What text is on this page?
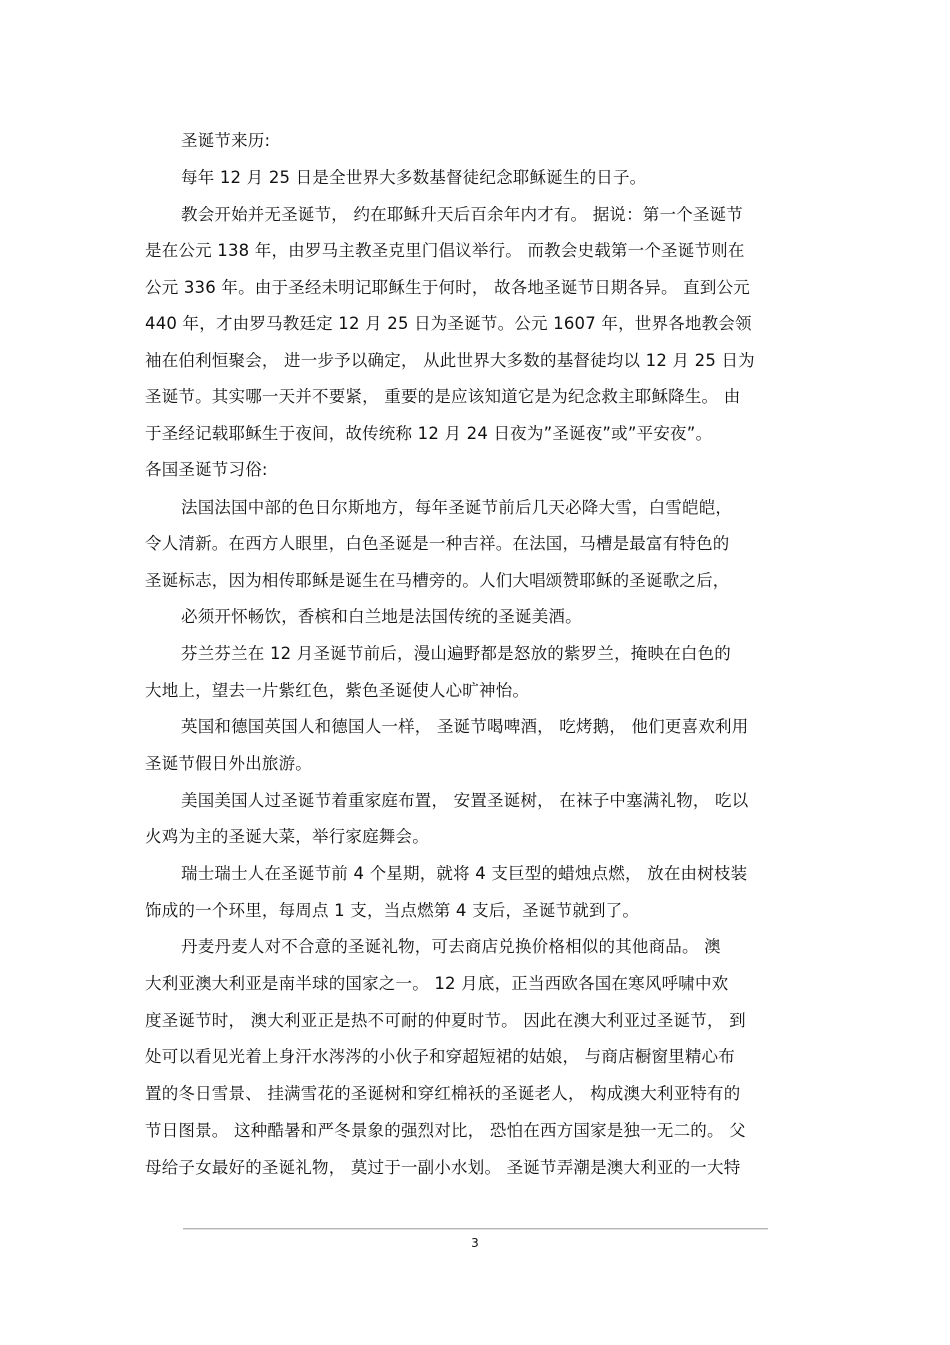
圣诞节来历:
每年 12 月 25 日是全世界大多数基督徒纪念耶稣诞生的日子。
教会开始并无圣诞节， 约在耶稣升天后百余年内才有。 据说：第一个圣诞节
是在公元 138 年，由罗马主教圣克里门倡议举行。 而教会史载第一个圣诞节则在
公元 336 年。由于圣经未明记耶稣生于何时， 故各地圣诞节日期各异。 直到公元
440 年，才由罗马教廷定 12 月 25 日为圣诞节。公元 1607 年，世界各地教会领
袖在伯利恒聚会， 进一步予以确定， 从此世界大多数的基督徒均以 12 月 25 日为
圣诞节。其实哪一天并不要紧， 重要的是应该知道它是为纪念救主耶稣降生。 由
于圣经记载耶稣生于夜间，故传统称 12 月 24 日夜为”圣诞夜”或”平安夜”。
各国圣诞节习俗:
法国法国中部的色日尔斯地方，每年圣诞节前后几天必降大雪，白雪皑皑，
令人清新。在西方人眼里，白色圣诞是一种吉祥。在法国，马槽是最富有特色的
圣诞标志，因为相传耶稣是诞生在马槽旁的。人们大唱颂赞耶稣的圣诞歌之后，
必须开怀畅饮，香槟和白兰地是法国传统的圣诞美酒。
芬兰芬兰在 12 月圣诞节前后，漫山遍野都是怒放的紫罗兰，掩映在白色的
大地上，望去一片紫红色，紫色圣诞使人心旷神怡。
英国和德国英国人和德国人一样， 圣诞节喝啤酒， 吃烤鹅， 他们更喜欢利用
圣诞节假日外出旅游。
美国美国人过圣诞节着重家庭布置， 安置圣诞树， 在袜子中塞满礼物， 吃以
火鸡为主的圣诞大菜，举行家庭舞会。
瑞士瑞士人在圣诞节前 4 个星期，就将 4 支巨型的蜡烛点燃， 放在由树枝装
饰成的一个环里，每周点 1 支，当点燃第 4 支后，圣诞节就到了。
丹麦丹麦人对不合意的圣诞礼物，可去商店兑换价格相似的其他商品。 澳
大利亚澳大利亚是南半球的国家之一。 12 月底，正当西欧各国在寒风呼啸中欢
度圣诞节时， 澳大利亚正是热不可耐的仲夏时节。 因此在澳大利亚过圣诞节， 到
处可以看见光着上身汗水涔涔的小伙子和穿超短裙的姑娘， 与商店橱窗里精心布
置的冬日雪景、 挂满雪花的圣诞树和穿红棉袄的圣诞老人， 构成澳大利亚特有的
节日图景。 这种酷暑和严冬景象的强烈对比， 恐怕在西方国家是独一无二的。 父
母给子女最好的圣诞礼物， 莫过于一副小水划。 圣诞节弄潮是澳大利亚的一大特
3
